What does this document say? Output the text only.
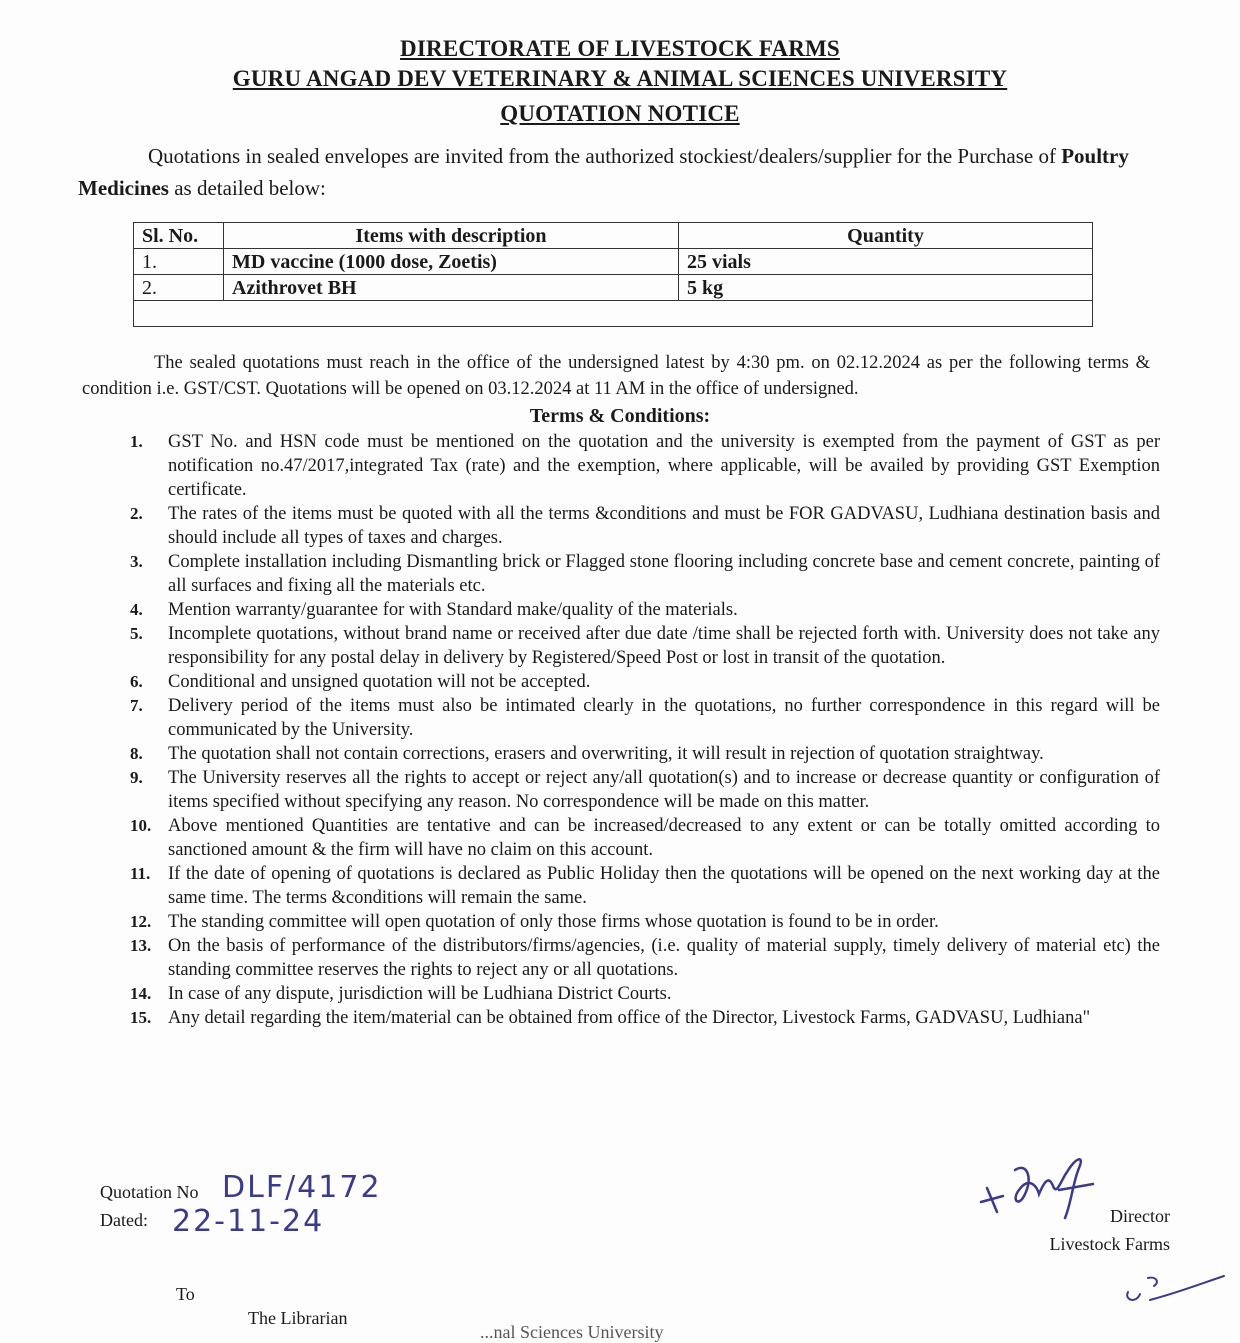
DIRECTORATE OF LIVESTOCK FARMS
GURU ANGAD DEV VETERINARY & ANIMAL SCIENCES UNIVERSITY
QUOTATION NOTICE
Quotations in sealed envelopes are invited from the authorized stockiest/dealers/supplier for the Purchase of Poultry Medicines as detailed below:
Sl. No.	Items with description	Quantity
1.	MD vaccine (1000 dose, Zoetis)	25 vials
2.	Azithrovet BH	5 kg

The sealed quotations must reach in the office of the undersigned latest by 4:30 pm. on 02.12.2024 as per the following terms & condition i.e. GST/CST. Quotations will be opened on 03.12.2024 at 11 AM in the office of undersigned.
Terms & Conditions:
1. GST No. and HSN code must be mentioned on the quotation and the university is exempted from the payment of GST as per notification no.47/2017,integrated Tax (rate) and the exemption, where applicable, will be availed by providing GST Exemption certificate.
2. The rates of the items must be quoted with all the terms &conditions and must be FOR GADVASU, Ludhiana destination basis and should include all types of taxes and charges.
3. Complete installation including Dismantling brick or Flagged stone flooring including concrete base and cement concrete, painting of all surfaces and fixing all the materials etc.
4. Mention warranty/guarantee for with Standard make/quality of the materials.
5. Incomplete quotations, without brand name or received after due date /time shall be rejected forth with. University does not take any responsibility for any postal delay in delivery by Registered/Speed Post or lost in transit of the quotation.
6. Conditional and unsigned quotation will not be accepted.
7. Delivery period of the items must also be intimated clearly in the quotations, no further correspondence in this regard will be communicated by the University.
8. The quotation shall not contain corrections, erasers and overwriting, it will result in rejection of quotation straightway.
9. The University reserves all the rights to accept or reject any/all quotation(s) and to increase or decrease quantity or configuration of items specified without specifying any reason. No correspondence will be made on this matter.
10. Above mentioned Quantities are tentative and can be increased/decreased to any extent or can be totally omitted according to sanctioned amount & the firm will have no claim on this account.
11. If the date of opening of quotations is declared as Public Holiday then the quotations will be opened on the next working day at the same time. The terms &conditions will remain the same.
12. The standing committee will open quotation of only those firms whose quotation is found to be in order.
13. On the basis of performance of the distributors/firms/agencies, (i.e. quality of material supply, timely delivery of material etc) the standing committee reserves the rights to reject any or all quotations.
14. In case of any dispute, jurisdiction will be Ludhiana District Courts.
15. Any detail regarding the item/material can be obtained from office of the Director, Livestock Farms, GADVASU, Ludhiana"
Quotation No DLF/4172
Dated: 22-11-24	Director
Livestock Farms
To
The Librarian
...nal Sciences University
